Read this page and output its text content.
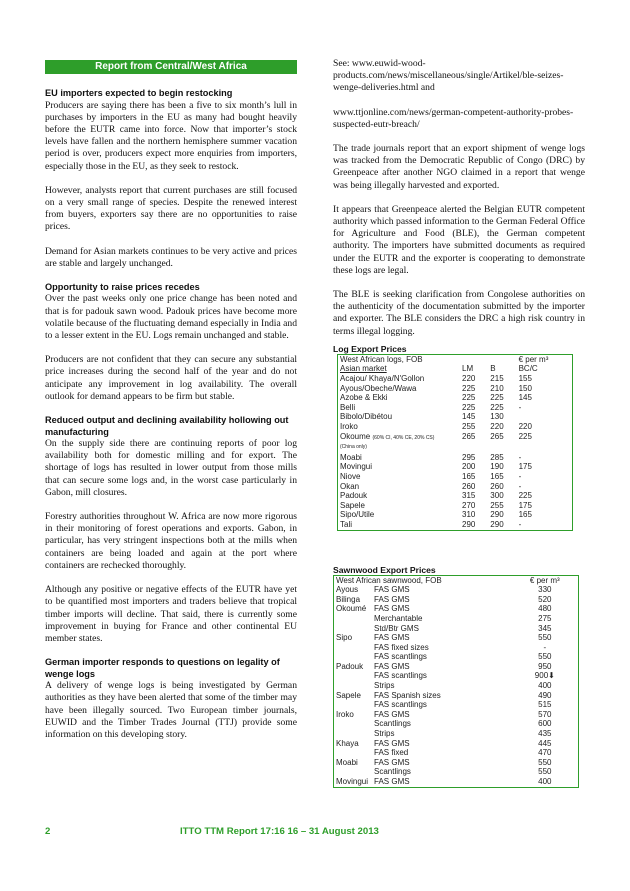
Report from Central/West Africa

EU importers expected to begin restocking

Producers are saying there has been a five to six month’s lull in purchases by importers in the EU as many had bought heavily before the EUTR came into force. Now that importer’s stock levels have fallen and the northern hemisphere summer vacation period is over, producers expect more enquiries from importers, especially those in the EU, as they seek to restock.

However, analysts report that current purchases are still focused on a very small range of species. Despite the renewed interest from buyers, exporters say there are no opportunities to raise prices.

Demand for Asian markets continues to be very active and prices are stable and largely unchanged.

Opportunity to raise prices recedes

Over the past weeks only one price change has been noted and that is for padouk sawn wood. Padouk prices have become more volatile because of the fluctuating demand especially in India and to a lesser extent in the EU. Logs remain unchanged and stable.

Producers are not confident that they can secure any substantial price increases during the second half of the year and do not anticipate any improvement in log availability. The overall outlook for demand appears to be firm but stable.

Reduced output and declining availability hollowing out manufacturing

On the supply side there are continuing reports of poor log availability both for domestic milling and for export. The shortage of logs has resulted in lower output from those mills that can secure some logs and, in the worst case particularly in Gabon, mill closures.

Forestry authorities throughout W. Africa are now more rigorous in their monitoring of forest operations and exports. Gabon, in particular, has very stringent inspections both at the mills when containers are being loaded and again at the port where containers are rechecked thoroughly.

Although any positive or negative effects of the EUTR have yet to be quantified most importers and traders believe that tropical timber imports will decline. That said, there is currently some improvement in buying for France and other continental EU member states.

German importer responds to questions on legality of wenge logs

A delivery of wenge logs is being investigated by German authorities as they have been alerted that some of the timber may have been illegally sourced. Two European timber journals, EUWID and the Timber Trades Journal (TTJ) provide some information on this developing story.

See: www.euwid-wood-products.com/news/miscellaneous/single/Artikel/ble-seizes-wenge-deliveries.html and

www.ttjonline.com/news/german-competent-authority-probes-suspected-eutr-breach/

The trade journals report that an export shipment of wenge logs was tracked from the Democratic Republic of Congo (DRC) by Greenpeace after another NGO claimed in a report that wenge was being illegally harvested and exported.

It appears that Greenpeace alerted the Belgian EUTR competent authority which passed information to the German Federal Office for Agriculture and Food (BLE), the German competent authority. The importers have submitted documents as required under the EUTR and the exporter is cooperating to demonstrate these logs are legal.

The BLE is seeking clarification from Congolese authorities on the authenticity of the documentation submitted by the importer and exporter. The BLE considers the DRC a high risk country in terms illegal logging.

Log Export Prices
West African logs, FOB			€ per m³
Asian market	LM	B	BC/C
Acajou/ Khaya/N'Gollon	220	215	155
Ayous/Obeche/Wawa	225	210	150
Azobe & Ekki	225	225	145
Belli	225	225	-
Bibolo/Dibétou	145	130	
Iroko	255	220	220
Okoume (60% CI, 40% CE, 20% CS)	265	265	225
(China only)			
Moabi	295	285	-
Movingui	200	190	175
Niove	165	165	-
Okan	260	260	-
Padouk	315	300	225
Sapele	270	255	175
Sipo/Utile	310	290	165
Tali	290	290	-
Sawnwood Export Prices
West African sawnwood, FOB		€ per m³
Ayous	FAS GMS	330
Bilinga	FAS GMS	520
Okoumé	FAS GMS	480
	Merchantable	275
	Std/Btr GMS	345
Sipo	FAS GMS	550
	FAS fixed sizes	-
	FAS scantlings	550
Padouk	FAS GMS	950
	FAS scantlings	900⬇
	Strips	400
Sapele	FAS Spanish sizes	490
	FAS scantlings	515
Iroko	FAS GMS	570
	Scantlings	600
	Strips	435
Khaya	FAS GMS	445
	FAS fixed	470
Moabi	FAS GMS	550
	Scantlings	550
Movingui	FAS GMS	400
2	ITTO TTM Report 17:16 16 – 31 August 2013
